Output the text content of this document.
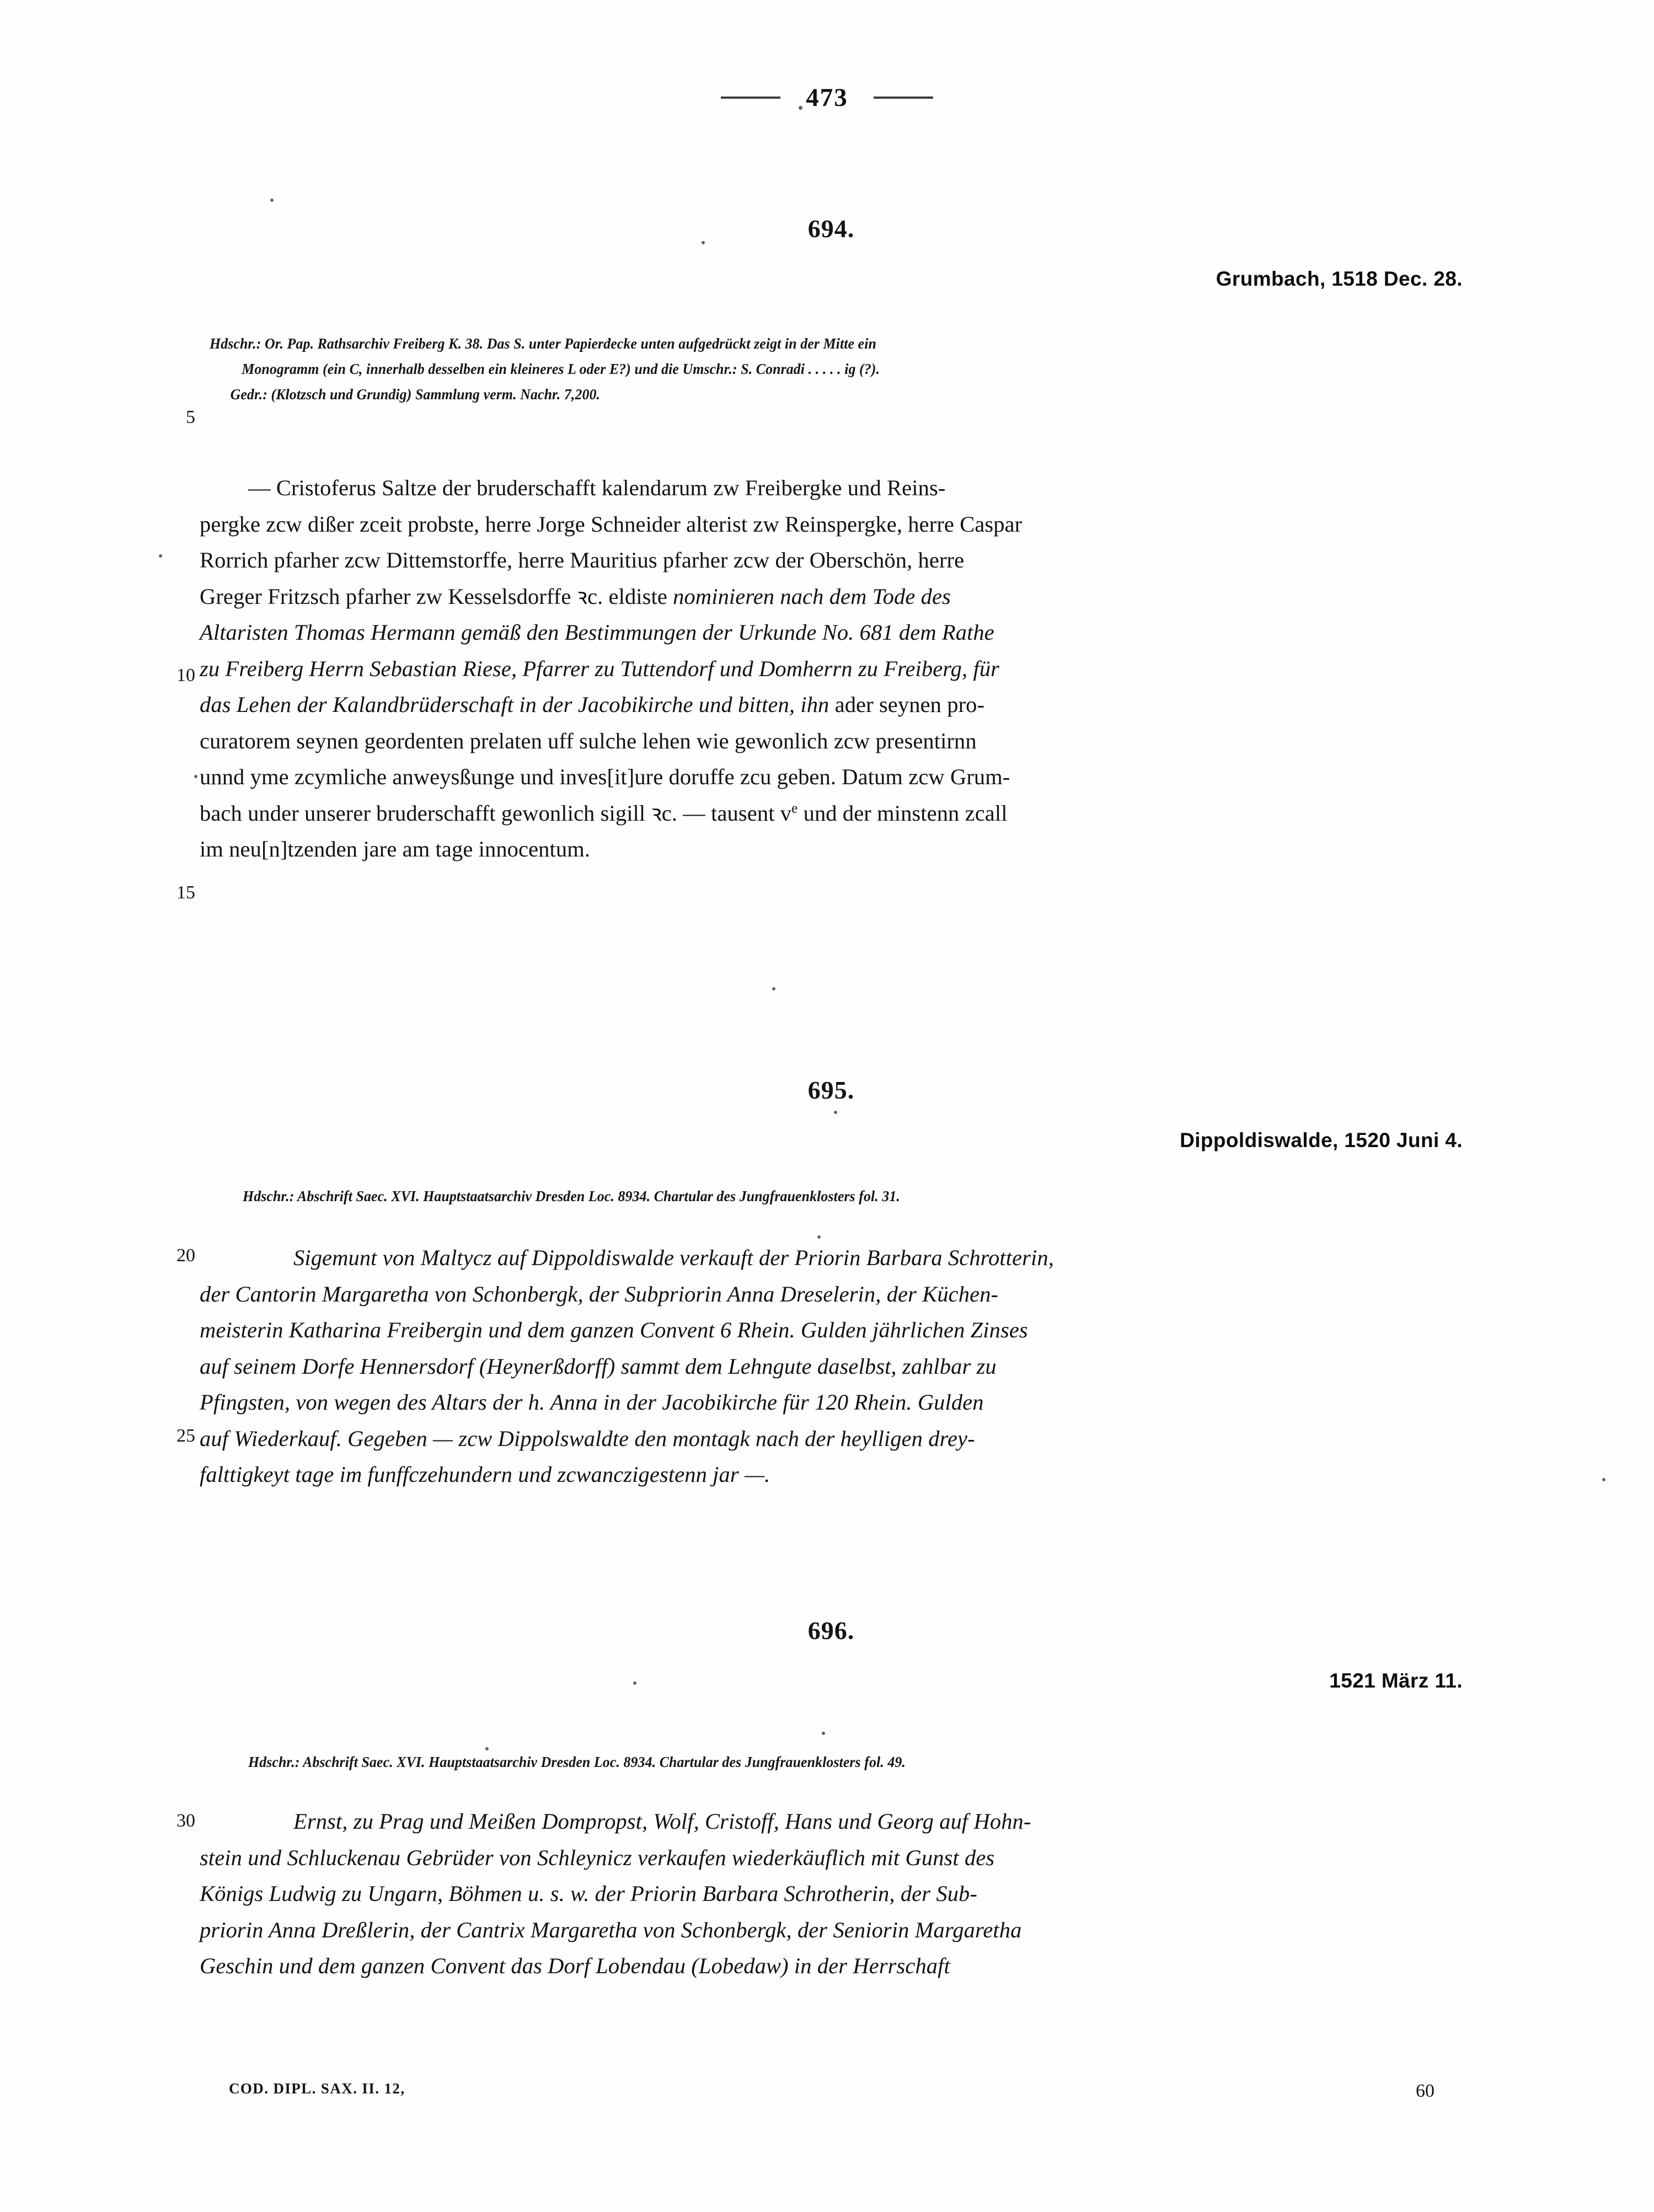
473
694.
Grumbach, 1518 Dec. 28.
Hdschr.: Or. Pap. Rathsarchiv Freiberg K. 38. Das S. unter Papierdecke unten aufgedrückt zeigt in der Mitte ein
Monogramm (ein C, innerhalb desselben ein kleineres L oder E?) und die Umschr.: S. Conradi . . . . . ig (?).
Gedr.: (Klotzsch und Grundig) Sammlung verm. Nachr. 7,200.
— Cristoferus Saltze der bruderschafft kalendarum zw Freibergke und Reins-
pergke zcw dißer zceit probste, herre Jorge Schneider alterist zw Reinspergke, herre Caspar
Rorrich pfarher zcw Dittemstorffe, herre Mauritius pfarher zcw der Oberschön, herre
Greger Fritzsch pfarher zw Kesselsdorffe ꝛc. eldiste nominieren nach dem Tode des
Altaristen Thomas Hermann gemäß den Bestimmungen der Urkunde No. 681 dem Rathe
zu Freiberg Herrn Sebastian Riese, Pfarrer zu Tuttendorf und Domherrn zu Freiberg, für
das Lehen der Kalandbrüderschaft in der Jacobikirche und bitten, ihn ader seynen pro-
curatorem seynen geordenten prelaten uff sulche lehen wie gewonlich zcw presentirnn
unnd yme zcymliche anweysßunge und inves[it]ure doruffe zcu geben. Datum zcw Grum-
bach under unserer bruderschafft gewonlich sigill ꝛc. — tausent $v^e$ und der minstenn zcall
im neu[n]tzenden jare am tage innocentum.
695.
Dippoldiswalde, 1520 Juni 4.
Hdschr.: Abschrift Saec. XVI. Hauptstaatsarchiv Dresden Loc. 8934. Chartular des Jungfrauenklosters fol. 31.
Sigemunt von Maltycz auf Dippoldiswalde verkauft der Priorin Barbara Schrotterin,
der Cantorin Margaretha von Schonbergk, der Subpriorin Anna Dreselerin, der Küchen-
meisterin Katharina Freibergin und dem ganzen Convent 6 Rhein. Gulden jährlichen Zinses
auf seinem Dorfe Hennersdorf (Heynerßdorff) sammt dem Lehngute daselbst, zahlbar zu
Pfingsten, von wegen des Altars der h. Anna in der Jacobikirche für 120 Rhein. Gulden
auf Wiederkauf. Gegeben — zcw Dippolswaldte den montagk nach der heylligen drey-
falttigkeyt tage im funffczehundern und zcwanczigestenn jar —.
696.
1521 März 11.
Hdschr.: Abschrift Saec. XVI. Hauptstaatsarchiv Dresden Loc. 8934. Chartular des Jungfrauenklosters fol. 49.
Ernst, zu Prag und Meißen Dompropst, Wolf, Cristoff, Hans und Georg auf Hohn-
stein und Schluckenau Gebrüder von Schleynicz verkaufen wiederkäuflich mit Gunst des
Königs Ludwig zu Ungarn, Böhmen u. s. w. der Priorin Barbara Schrotherin, der Sub-
priorin Anna Dreßlerin, der Cantrix Margaretha von Schonbergk, der Seniorin Margaretha
Geschin und dem ganzen Convent das Dorf Lobendau (Lobedaw) in der Herrschaft
5
10
15
20
25
30
COD. DIPL. SAX. II. 12,	60
